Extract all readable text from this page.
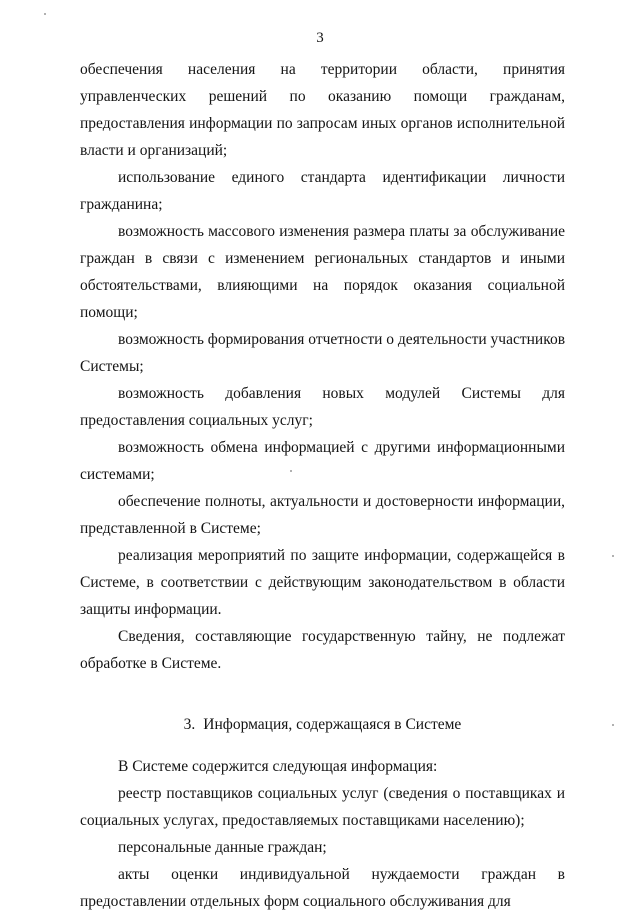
3

обеспечения населения на территории области, принятия управленческих решений по оказанию помощи гражданам, предоставления информации по запросам иных органов исполнительной власти и организаций;

использование единого стандарта идентификации личности гражданина;

возможность массового изменения размера платы за обслуживание граждан в связи с изменением региональных стандартов и иными обстоятельствами, влияющими на порядок оказания социальной помощи;

возможность формирования отчетности о деятельности участников Системы;

возможность добавления новых модулей Системы для предоставления социальных услуг;

возможность обмена информацией с другими информационными системами;

обеспечение полноты, актуальности и достоверности информации, представленной в Системе;

реализация мероприятий по защите информации, содержащейся в Системе, в соответствии с действующим законодательством в области защиты информации.

Сведения, составляющие государственную тайну, не подлежат обработке в Системе.

3. Информация, содержащаяся в Системе

В Системе содержится следующая информация:

реестр поставщиков социальных услуг (сведения о поставщиках и социальных услугах, предоставляемых поставщиками населению);

персональные данные граждан;

акты оценки индивидуальной нуждаемости граждан в предоставлении отдельных форм социального обслуживания для
